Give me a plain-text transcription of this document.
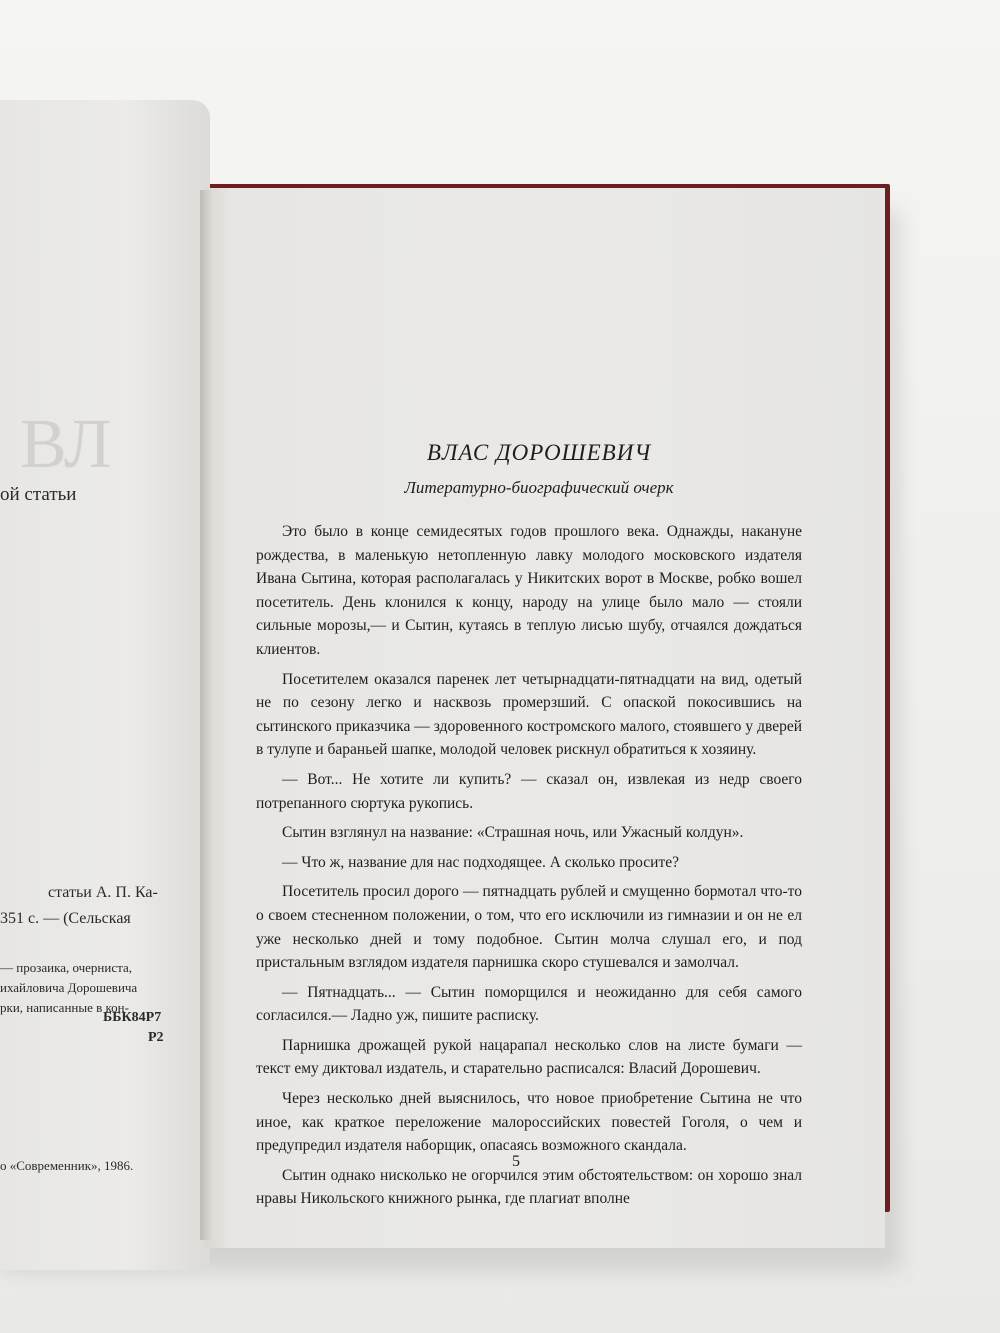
ВЛ
ой статьи
статьи А. П. Ка-
351 с. — (Сельская
— прозаика, очерниста,
ихайловича Дорошевича
рки, написанные в кон-
ББК84Р7
Р2
о «Современник», 1986.
ВЛАС ДОРОШЕВИЧ
Литературно-биографический очерк

Это было в конце семидесятых годов прошлого века. Однажды, накануне рождества, в маленькую нетопленную лавку молодого московского издателя Ивана Сытина, которая располагалась у Никитских ворот в Москве, робко вошел посетитель. День клонился к концу, народу на улице было мало — стояли сильные морозы,— и Сытин, кутаясь в теплую лисью шубу, отчаялся дождаться клиентов.

Посетителем оказался паренек лет четырнадцати-пятнадцати на вид, одетый не по сезону легко и насквозь промерзший. С опаской покосившись на сытинского приказчика — здоровенного костромского малого, стоявшего у дверей в тулупе и бараньей шапке, молодой человек рискнул обратиться к хозяину.

— Вот... Не хотите ли купить? — сказал он, извлекая из недр своего потрепанного сюртука рукопись.

Сытин взглянул на название: «Страшная ночь, или Ужасный колдун».

— Что ж, название для нас подходящее. А сколько просите?

Посетитель просил дорого — пятнадцать рублей и смущенно бормотал что-то о своем стесненном положении, о том, что его исключили из гимназии и он не ел уже несколько дней и тому подобное. Сытин молча слушал его, и под пристальным взглядом издателя парнишка скоро стушевался и замолчал.

— Пятнадцать... — Сытин поморщился и неожиданно для себя самого согласился.— Ладно уж, пишите расписку.

Парнишка дрожащей рукой нацарапал несколько слов на листе бумаги — текст ему диктовал издатель, и старательно расписался: Власий Дорошевич.

Через несколько дней выяснилось, что новое приобретение Сытина не что иное, как краткое переложение малороссийских повестей Гоголя, о чем и предупредил издателя наборщик, опасаясь возможного скандала.

Сытин однако нисколько не огорчился этим обстоятельством: он хорошо знал нравы Никольского книжного рынка, где плагиат вполне

5
